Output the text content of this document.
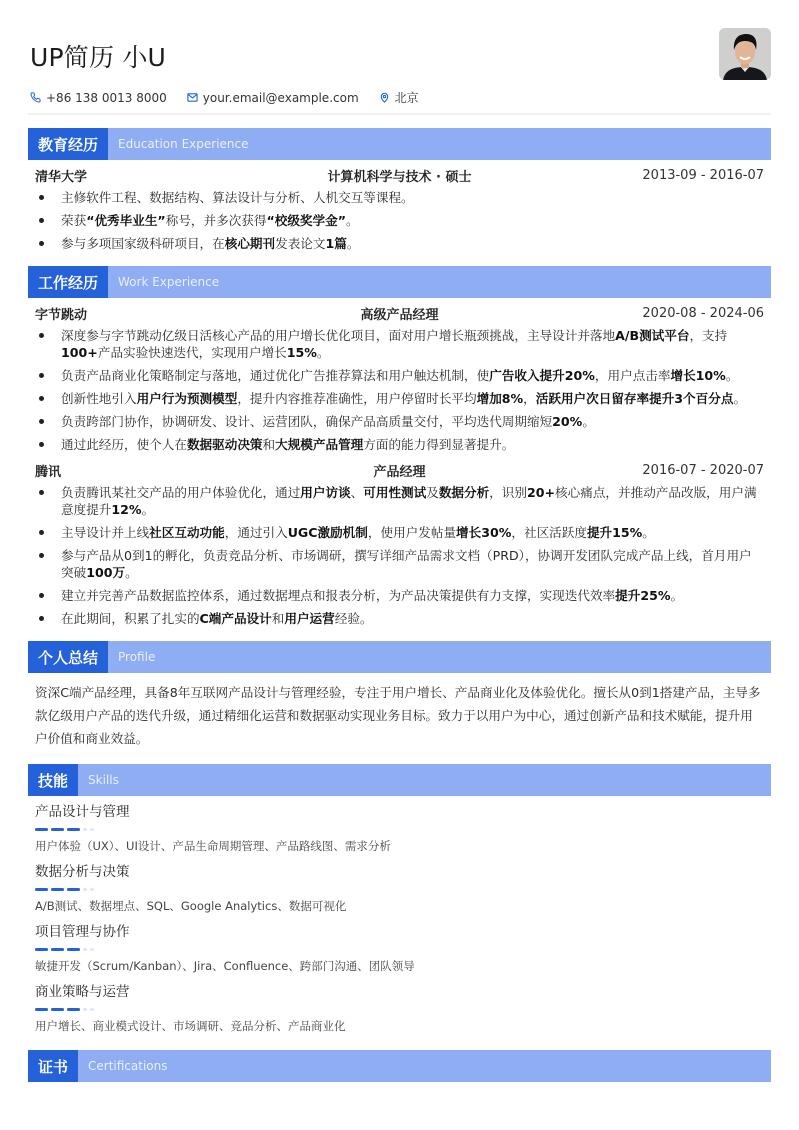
UP简历 小U
+86 138 0013 8000	your.email@example.com	北京
教育经历	Education Experience
清华大学	计算机科学与技术 · 硕士	2013-09 - 2016-07
主修软件工程、数据结构、算法设计与分析、人机交互等课程。
荣获“优秀毕业生”称号，并多次获得“校级奖学金”。
参与多项国家级科研项目，在核心期刊发表论文1篇。
工作经历	Work Experience
字节跳动	高级产品经理	2020-08 - 2024-06
深度参与字节跳动亿级日活核心产品的用户增长优化项目，面对用户增长瓶颈挑战，主导设计并落地A/B测试平台，支持100+产品实验快速迭代，实现用户增长15%。
负责产品商业化策略制定与落地，通过优化广告推荐算法和用户触达机制，使广告收入提升20%，用户点击率增长10%。
创新性地引入用户行为预测模型，提升内容推荐准确性，用户停留时长平均增加8%，活跃用户次日留存率提升3个百分点。
负责跨部门协作，协调研发、设计、运营团队，确保产品高质量交付，平均迭代周期缩短20%。
通过此经历，使个人在数据驱动决策和大规模产品管理方面的能力得到显著提升。
腾讯	产品经理	2016-07 - 2020-07
负责腾讯某社交产品的用户体验优化，通过用户访谈、可用性测试及数据分析，识别20+核心痛点，并推动产品改版，用户满意度提升12%。
主导设计并上线社区互动功能，通过引入UGC激励机制，使用户发帖量增长30%，社区活跃度提升15%。
参与产品从0到1的孵化，负责竞品分析、市场调研，撰写详细产品需求文档（PRD），协调开发团队完成产品上线，首月用户突破100万。
建立并完善产品数据监控体系，通过数据埋点和报表分析，为产品决策提供有力支撑，实现迭代效率提升25%。
在此期间，积累了扎实的C端产品设计和用户运营经验。
个人总结	Profile
资深C端产品经理，具备8年互联网产品设计与管理经验，专注于用户增长、产品商业化及体验优化。擅长从0到1搭建产品，主导多款亿级用户产品的迭代升级，通过精细化运营和数据驱动实现业务目标。致力于以用户为中心，通过创新产品和技术赋能，提升用户价值和商业效益。
技能	Skills
产品设计与管理
用户体验（UX）、UI设计、产品生命周期管理、产品路线图、需求分析
数据分析与决策
A/B测试、数据埋点、SQL、Google Analytics、数据可视化
项目管理与协作
敏捷开发（Scrum/Kanban）、Jira、Confluence、跨部门沟通、团队领导
商业策略与运营
用户增长、商业模式设计、市场调研、竞品分析、产品商业化
证书	Certifications
